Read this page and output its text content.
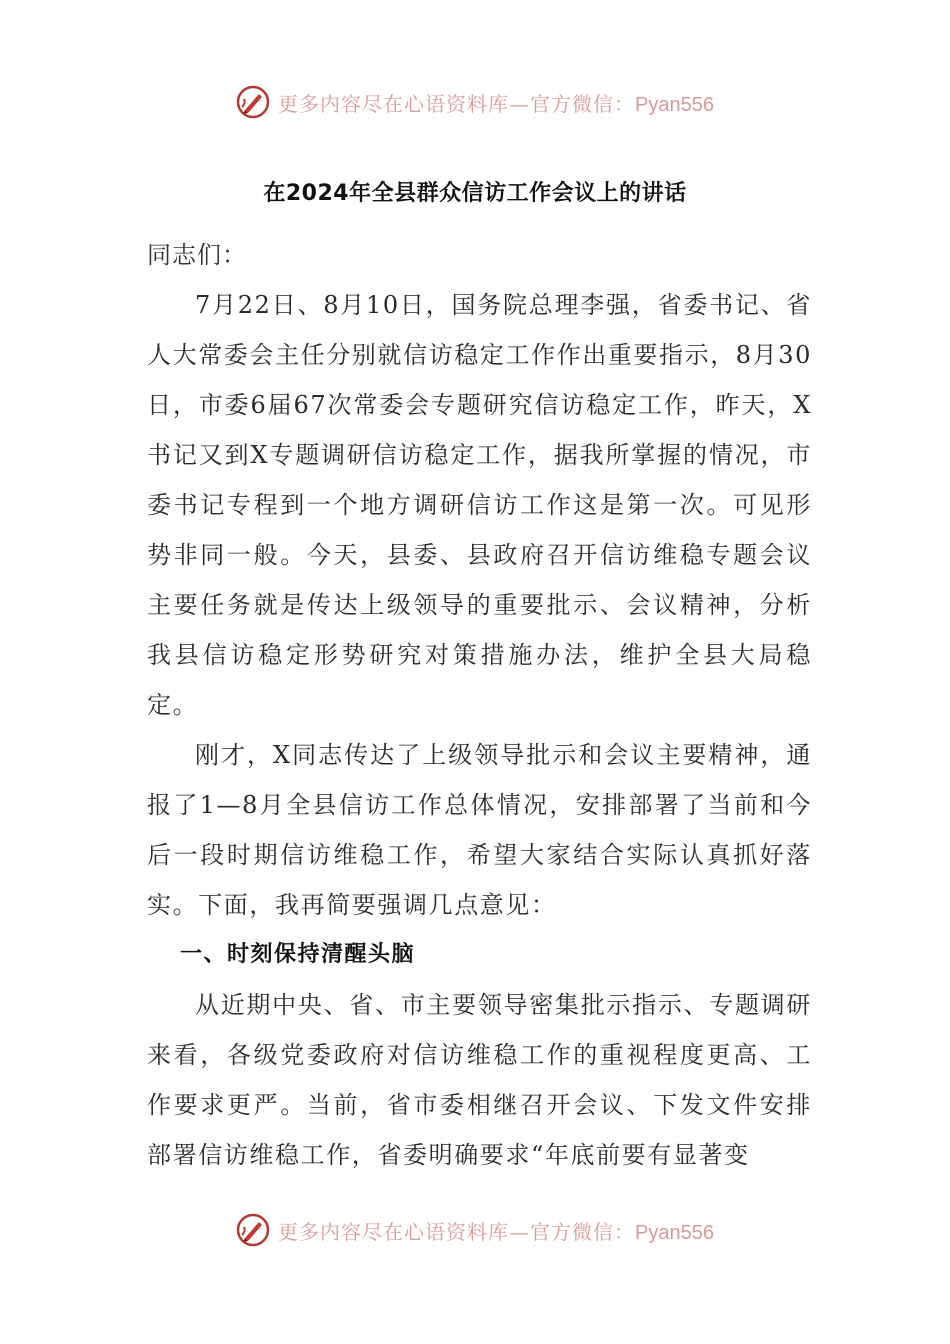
更多内容尽在心语资料库—官方微信：Pyan556
在2024年全县群众信访工作会议上的讲话

同志们：

7月22日、8月10日，国务院总理李强，省委书记、省人大常委会主任分别就信访稳定工作作出重要指示，8月30日，市委6届67次常委会专题研究信访稳定工作，昨天，X书记又到X专题调研信访稳定工作，据我所掌握的情况，市委书记专程到一个地方调研信访工作这是第一次。可见形势非同一般。今天，县委、县政府召开信访维稳专题会议主要任务就是传达上级领导的重要批示、会议精神，分析我县信访稳定形势研究对策措施办法，维护全县大局稳定。

刚才，X同志传达了上级领导批示和会议主要精神，通报了1—8月全县信访工作总体情况，安排部署了当前和今后一段时期信访维稳工作，希望大家结合实际认真抓好落实。下面，我再简要强调几点意见：

一、时刻保持清醒头脑

从近期中央、省、市主要领导密集批示指示、专题调研来看，各级党委政府对信访维稳工作的重视程度更高、工作要求更严。当前，省市委相继召开会议、下发文件安排部署信访维稳工作，省委明确要求“年底前要有显著变

更多内容尽在心语资料库—官方微信：Pyan556
